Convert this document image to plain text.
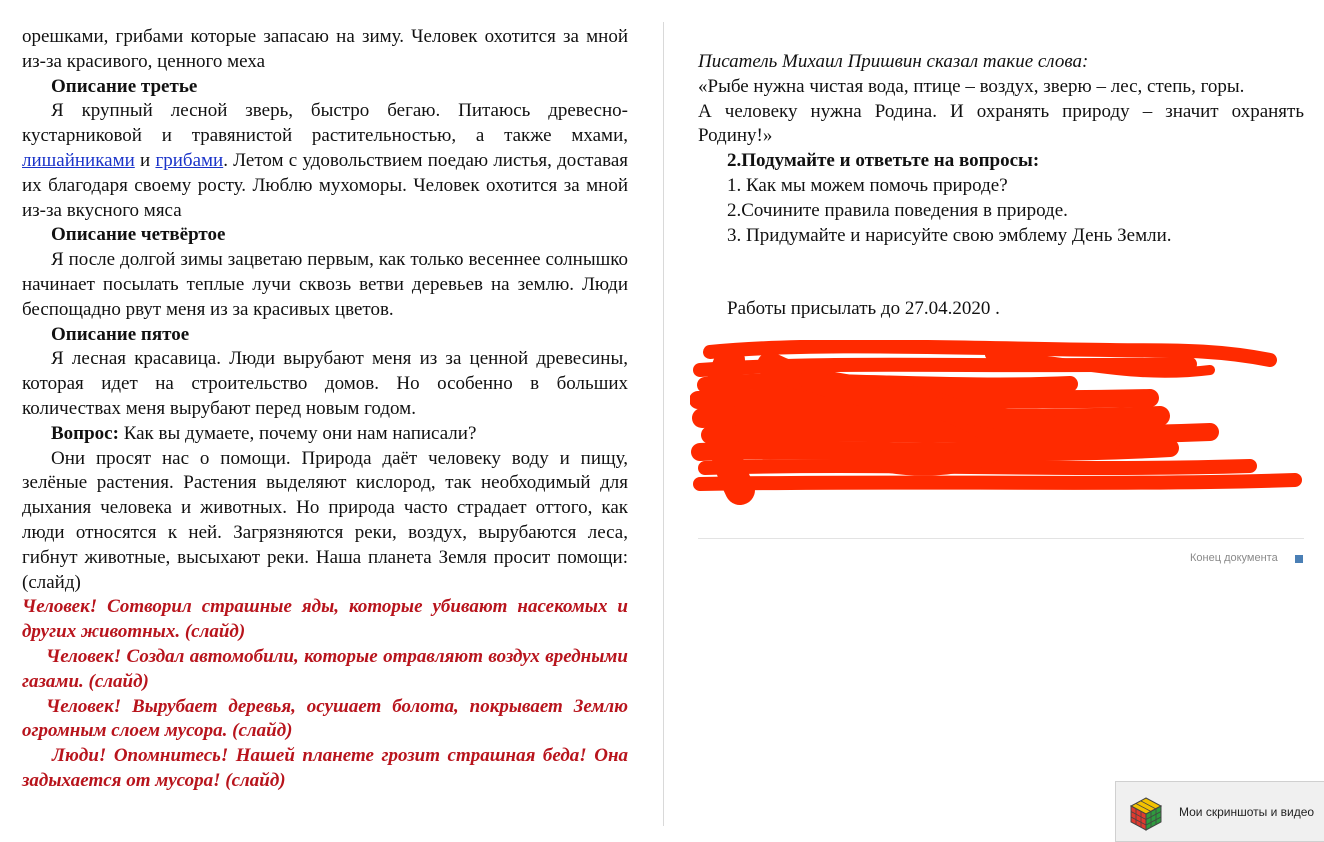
орешками, грибами которые запасаю на зиму. Человек охотится за мной из-за красивого, ценного меха

Описание третье

Я крупный лесной зверь, быстро бегаю. Питаюсь древесно-кустарниковой и травянистой растительностью, а также мхами, лишайниками и грибами. Летом с удовольствием поедаю листья, доставая их благодаря своему росту. Люблю мухоморы. Человек охотится за мной из-за вкусного мяса

Описание четвёртое

Я после долгой зимы зацветаю первым, как только весеннее солнышко начинает посылать теплые лучи сквозь ветви деревьев на землю. Люди беспощадно рвут меня из за красивых цветов.

Описание пятое

Я лесная красавица. Люди вырубают меня из за ценной древесины, которая идет на строительство домов. Но особенно в больших количествах меня вырубают перед новым годом.

Вопрос: Как вы думаете, почему они нам написали?

Они просят нас о помощи. Природа даёт человеку воду и пищу, зелёные растения. Растения выделяют кислород, так необходимый для дыхания человека и животных. Но природа часто страдает оттого, как люди относятся к ней. Загрязняются реки, воздух, вырубаются леса, гибнут животные, высыхают реки. Наша планета Земля просит помощи:(слайд)

Человек! Сотворил страшные яды, которые убивают насекомых и других животных. (слайд)

Человек! Создал автомобили, которые отравляют воздух вредными газами. (слайд)

Человек! Вырубает деревья, осушает болота, покрывает Землю огромным слоем мусора. (слайд)

Люди! Опомнитесь! Нашей планете грозит страшная беда! Она задыхается от мусора! (слайд)

Писатель Михаил Пришвин сказал такие слова:

«Рыбе нужна чистая вода, птице – воздух, зверю – лес, степь, горы.

А человеку нужна Родина. И охранять природу – значит охранять Родину!»

2.Подумайте и ответьте на вопросы:

1. Как мы можем помочь природе?

2.Сочините правила поведения в природе.

3. Придумайте и нарисуйте свою эмблему День Земли.

Работы присылать до 27.04.2020 .

Конец документа
Мои скриншоты и видео
